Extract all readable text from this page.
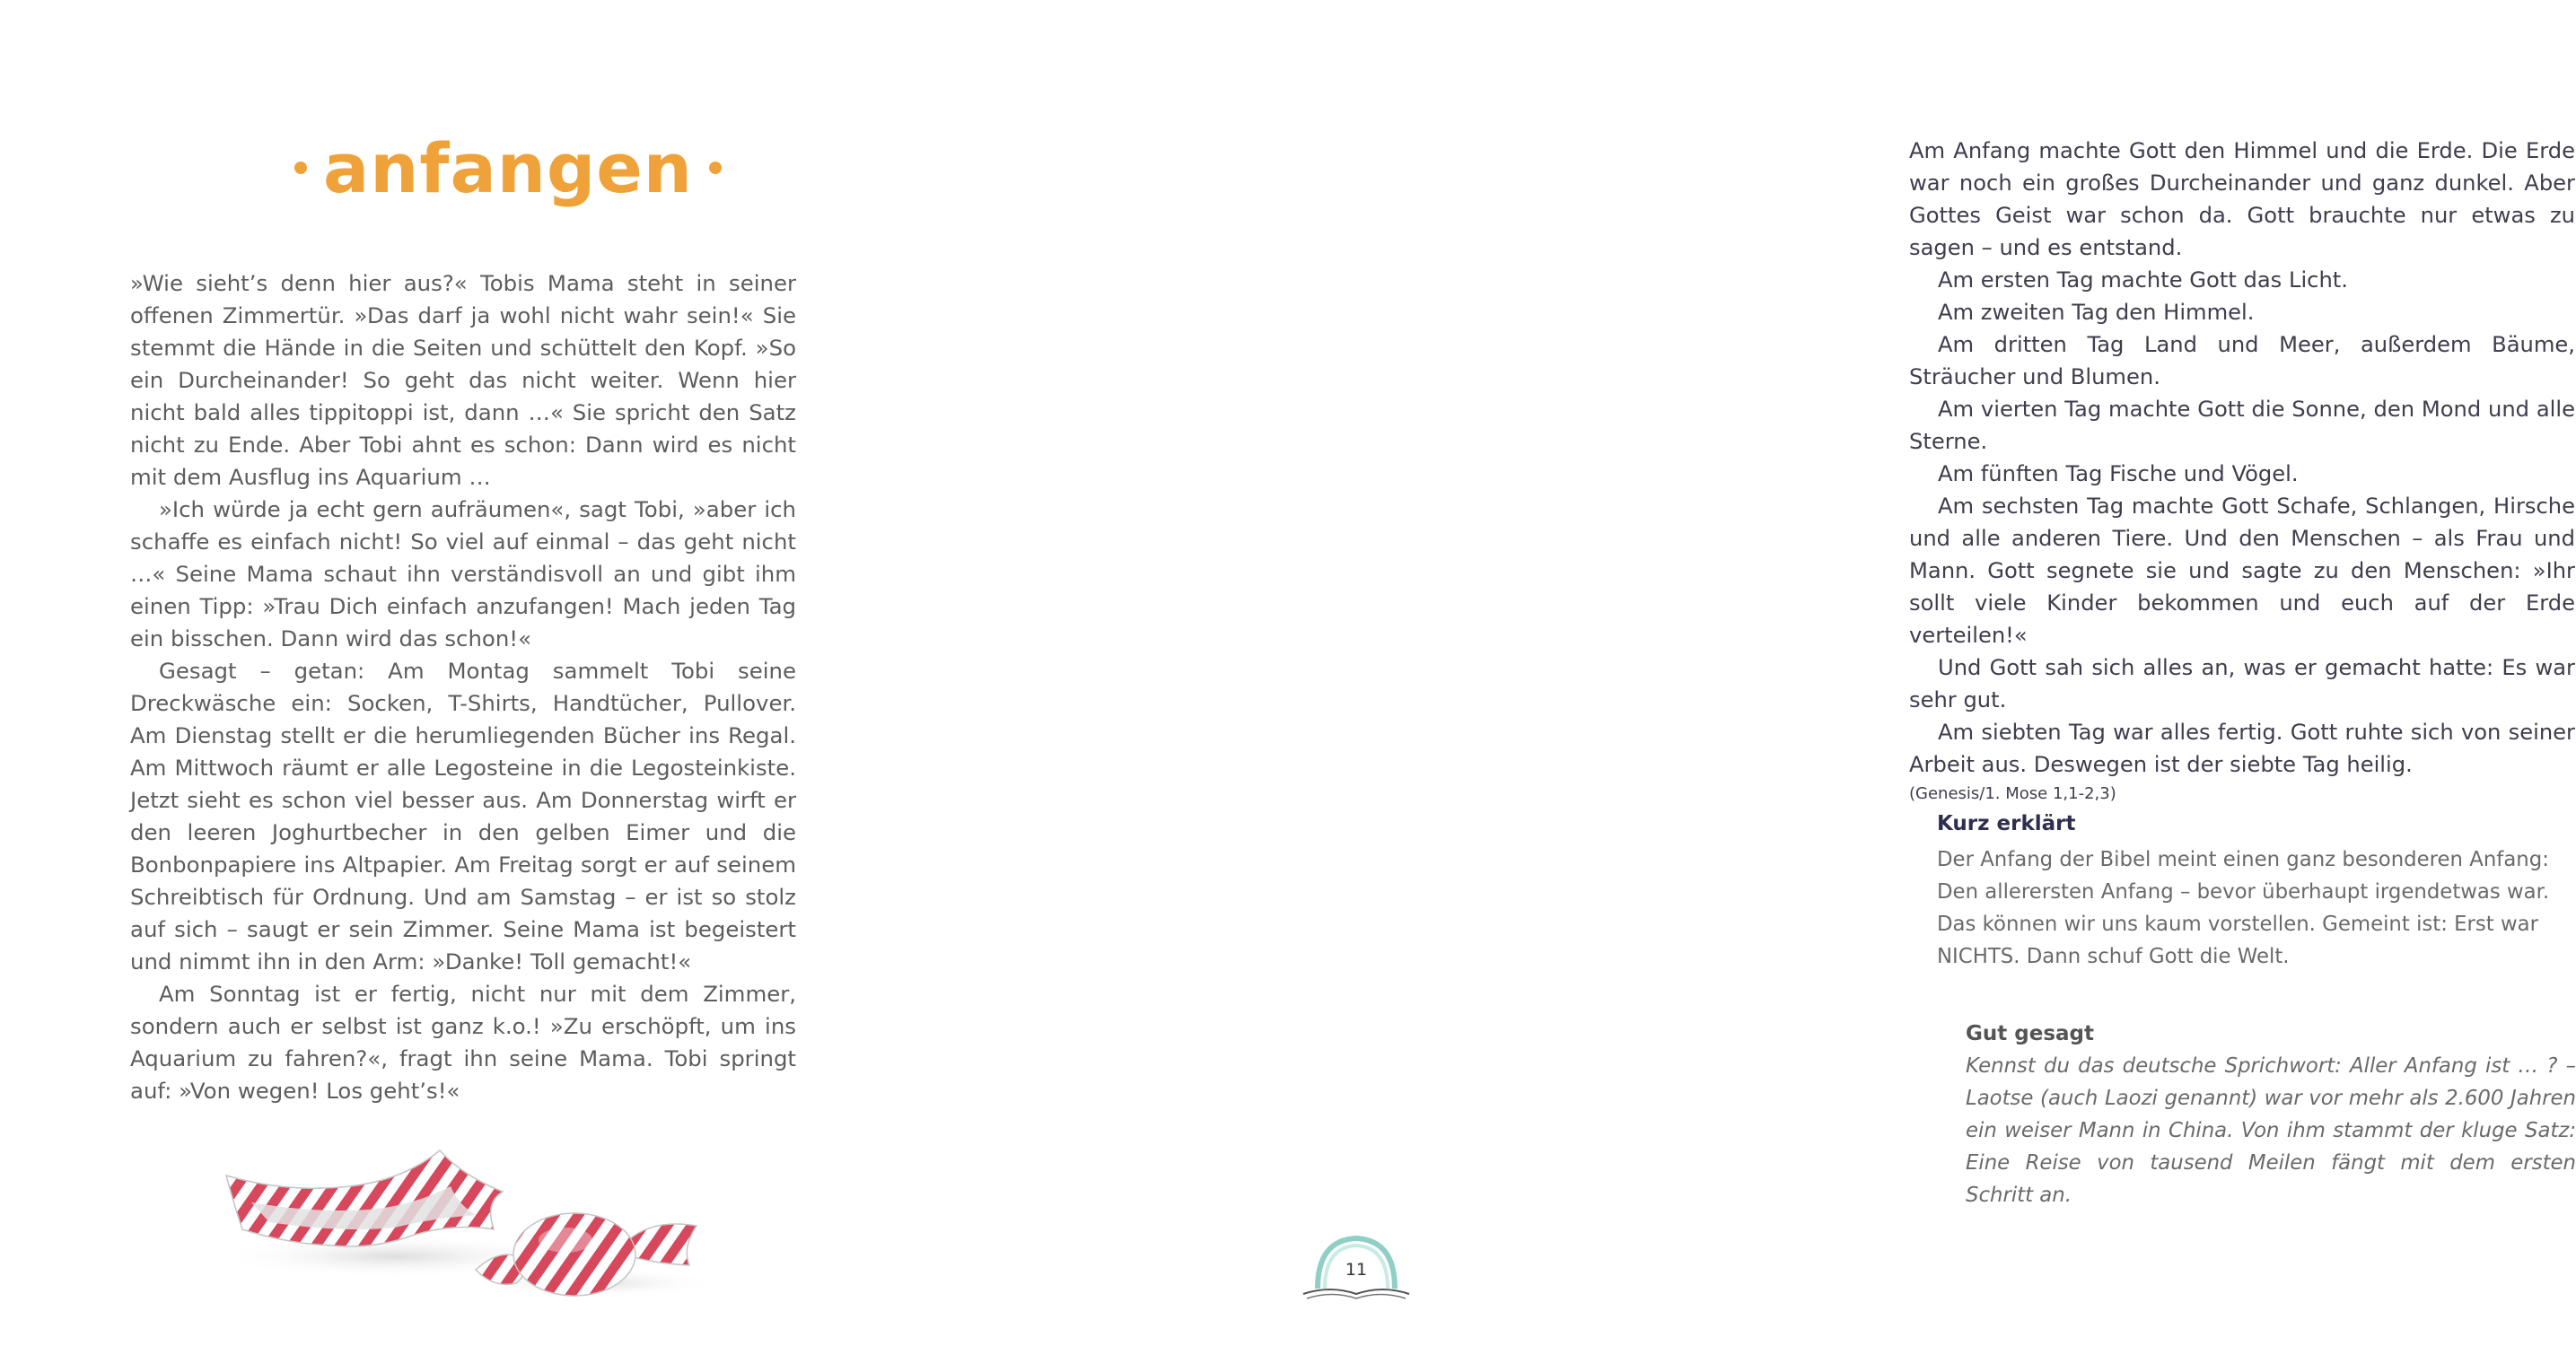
anfangen

»Wie sieht’s denn hier aus?« Tobis Mama steht in seiner offenen Zimmertür. »Das darf ja wohl nicht wahr sein!« Sie stemmt die Hände in die Seiten und schüttelt den Kopf. »So ein Durcheinander! So geht das nicht weiter. Wenn hier nicht bald alles tippitoppi ist, dann …« Sie spricht den Satz nicht zu Ende. Aber Tobi ahnt es schon: Dann wird es nicht mit dem Ausflug ins Aquarium …

»Ich würde ja echt gern aufräumen«, sagt Tobi, »aber ich schaffe es einfach nicht! So viel auf einmal – das geht nicht …« Seine Mama schaut ihn verständisvoll an und gibt ihm einen Tipp: »Trau Dich einfach anzufangen! Mach jeden Tag ein bisschen. Dann wird das schon!«

Gesagt – getan: Am Montag sammelt Tobi seine Dreckwäsche ein: Socken, T-Shirts, Handtücher, Pullover. Am Dienstag stellt er die herumliegenden Bücher ins Regal. Am Mittwoch räumt er alle Legosteine in die Legosteinkiste. Jetzt sieht es schon viel besser aus. Am Donnerstag wirft er den leeren Joghurtbecher in den gelben Eimer und die Bonbonpapiere ins Altpapier. Am Freitag sorgt er auf seinem Schreibtisch für Ordnung. Und am Samstag – er ist so stolz auf sich – saugt er sein Zimmer. Seine Mama ist begeistert und nimmt ihn in den Arm: »Danke! Toll gemacht!«

Am Sonntag ist er fertig, nicht nur mit dem Zimmer, sondern auch er selbst ist ganz k.o.! »Zu erschöpft, um ins Aquarium zu fahren?«, fragt ihn seine Mama. Tobi springt auf: »Von wegen! Los geht’s!«

Am Anfang machte Gott den Himmel und die Erde. Die Erde war noch ein großes Durcheinander und ganz dunkel. Aber Gottes Geist war schon da. Gott brauchte nur etwas zu sagen – und es entstand.

Am ersten Tag machte Gott das Licht.

Am zweiten Tag den Himmel.

Am dritten Tag Land und Meer, außerdem Bäume, Sträucher und Blumen.

Am vierten Tag machte Gott die Sonne, den Mond und alle Sterne.

Am fünften Tag Fische und Vögel.

Am sechsten Tag machte Gott Schafe, Schlangen, Hirsche und alle anderen Tiere. Und den Menschen – als Frau und Mann. Gott segnete sie und sagte zu den Menschen: »Ihr sollt viele Kinder bekommen und euch auf der Erde verteilen!«

Und Gott sah sich alles an, was er gemacht hatte: Es war sehr gut.

Am siebten Tag war alles fertig. Gott ruhte sich von seiner Arbeit aus. Deswegen ist der siebte Tag heilig.

(Genesis/1. Mose 1,1-2,3)

Kurz erklärt

Der Anfang der Bibel meint einen ganz besonderen Anfang: Den allerersten Anfang – bevor überhaupt irgendetwas war. Das können wir uns kaum vorstellen. Gemeint ist: Erst war NICHTS. Dann schuf Gott die Welt.

Gut gesagt

Kennst du das deutsche Sprichwort: Aller Anfang ist … ? – Laotse (auch Laozi genannt) war vor mehr als 2.600 Jahren ein weiser Mann in China. Von ihm stammt der kluge Satz: Eine Reise von tausend Meilen fängt mit dem ersten Schritt an.

11
